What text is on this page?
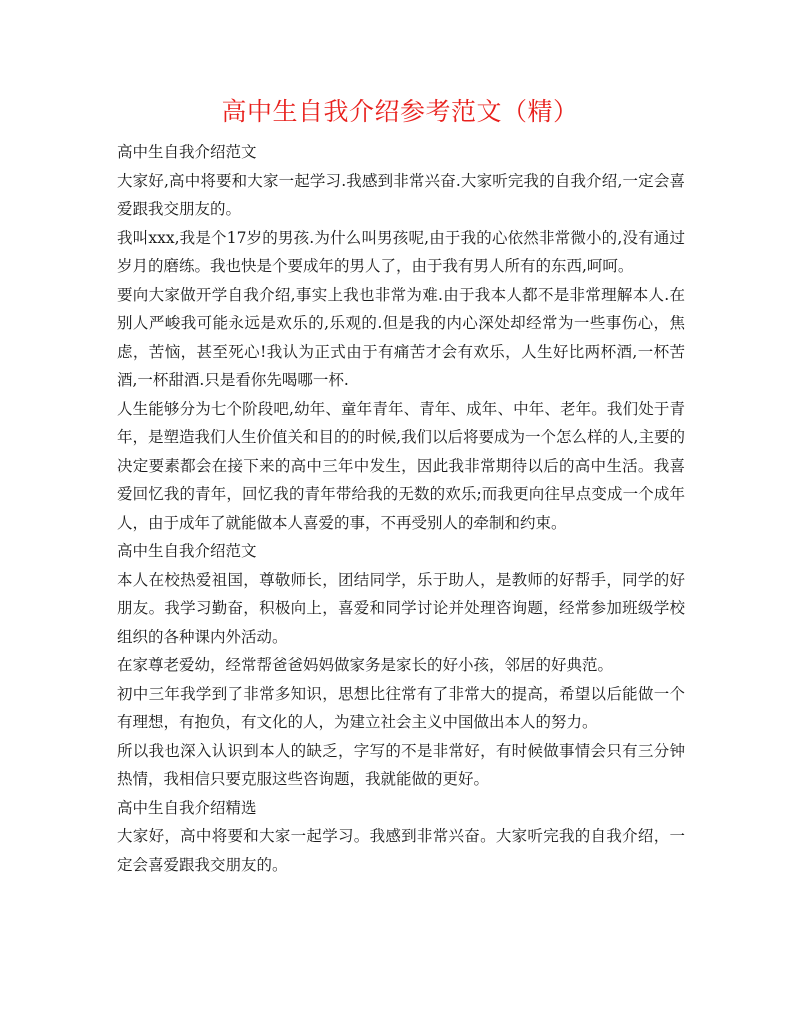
高中生自我介绍参考范文（精）

高中生自我介绍范文

大家好,高中将要和大家一起学习.我感到非常兴奋.大家听完我的自我介绍,一定会喜爱跟我交朋友的。

我叫xxx,我是个17岁的男孩.为什么叫男孩呢,由于我的心依然非常微小的,没有通过岁月的磨练。我也快是个要成年的男人了，由于我有男人所有的东西,呵呵。

要向大家做开学自我介绍,事实上我也非常为难.由于我本人都不是非常理解本人.在别人严峻我可能永远是欢乐的,乐观的.但是我的内心深处却经常为一些事伤心，焦虑，苦恼，甚至死心!我认为正式由于有痛苦才会有欢乐，人生好比两杯酒,一杯苦酒,一杯甜酒.只是看你先喝哪一杯.

人生能够分为七个阶段吧,幼年、童年青年、青年、成年、中年、老年。我们处于青年，是塑造我们人生价值关和目的的时候,我们以后将要成为一个怎么样的人,主要的决定要素都会在接下来的高中三年中发生，因此我非常期待以后的高中生活。我喜爱回忆我的青年，回忆我的青年带给我的无数的欢乐;而我更向往早点变成一个成年人，由于成年了就能做本人喜爱的事，不再受别人的牵制和约束。

高中生自我介绍范文

本人在校热爱祖国，尊敬师长，团结同学，乐于助人，是教师的好帮手，同学的好朋友。我学习勤奋，积极向上，喜爱和同学讨论并处理咨询题，经常参加班级学校组织的各种课内外活动。

在家尊老爱幼，经常帮爸爸妈妈做家务是家长的好小孩，邻居的好典范。

初中三年我学到了非常多知识，思想比往常有了非常大的提高，希望以后能做一个有理想，有抱负，有文化的人，为建立社会主义中国做出本人的努力。

所以我也深入认识到本人的缺乏，字写的不是非常好，有时候做事情会只有三分钟热情，我相信只要克服这些咨询题，我就能做的更好。

高中生自我介绍精选

大家好，高中将要和大家一起学习。我感到非常兴奋。大家听完我的自我介绍，一定会喜爱跟我交朋友的。
